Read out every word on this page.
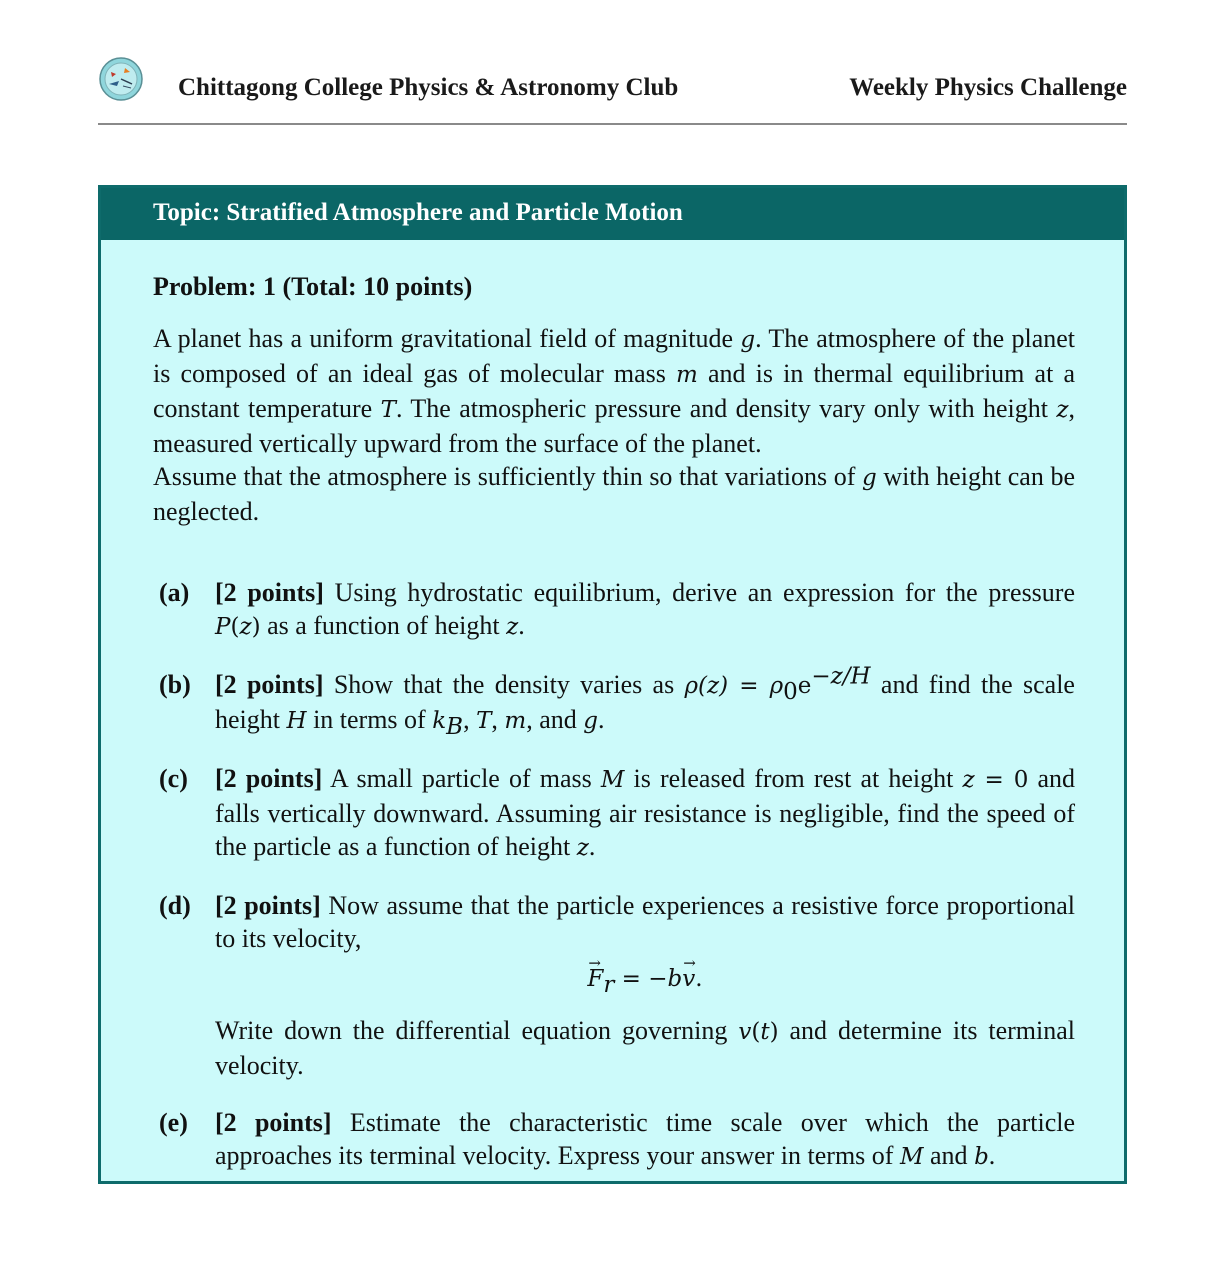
Chittagong College Physics & Astronomy Club	Weekly Physics Challenge
Topic: Stratified Atmosphere and Particle Motion
Problem: 1 (Total: 10 points)
A planet has a uniform gravitational field of magnitude g. The atmosphere of the planet is composed of an ideal gas of molecular mass m and is in thermal equilibrium at a constant temperature T. The atmospheric pressure and density vary only with height z, measured vertically upward from the surface of the planet.
Assume that the atmosphere is sufficiently thin so that variations of g with height can be neglected.
(a) [2 points] Using hydrostatic equilibrium, derive an expression for the pressure P(z) as a function of height z.
(b) [2 points] Show that the density varies as $\rho(z) = \rho_0e^{-z/H}$ and find the scale height H in terms of $k_B$, T, m, and g.
(c)	[2 points] A small particle of mass M is released from rest at height z = 0 and falls vertically downward. Assuming air resistance is negligible, find the speed of the particle as a function of height z.
(d) [2 points] Now assume that the particle experiences a resistive force proportional to its velocity,
→ $F_r = -b\to v$.
Write down the differential equation governing v(t) and determine its terminal velocity.
(e)	[2 points] Estimate the characteristic time scale over which the particle approaches its terminal velocity. Express your answer in terms of M and b.
